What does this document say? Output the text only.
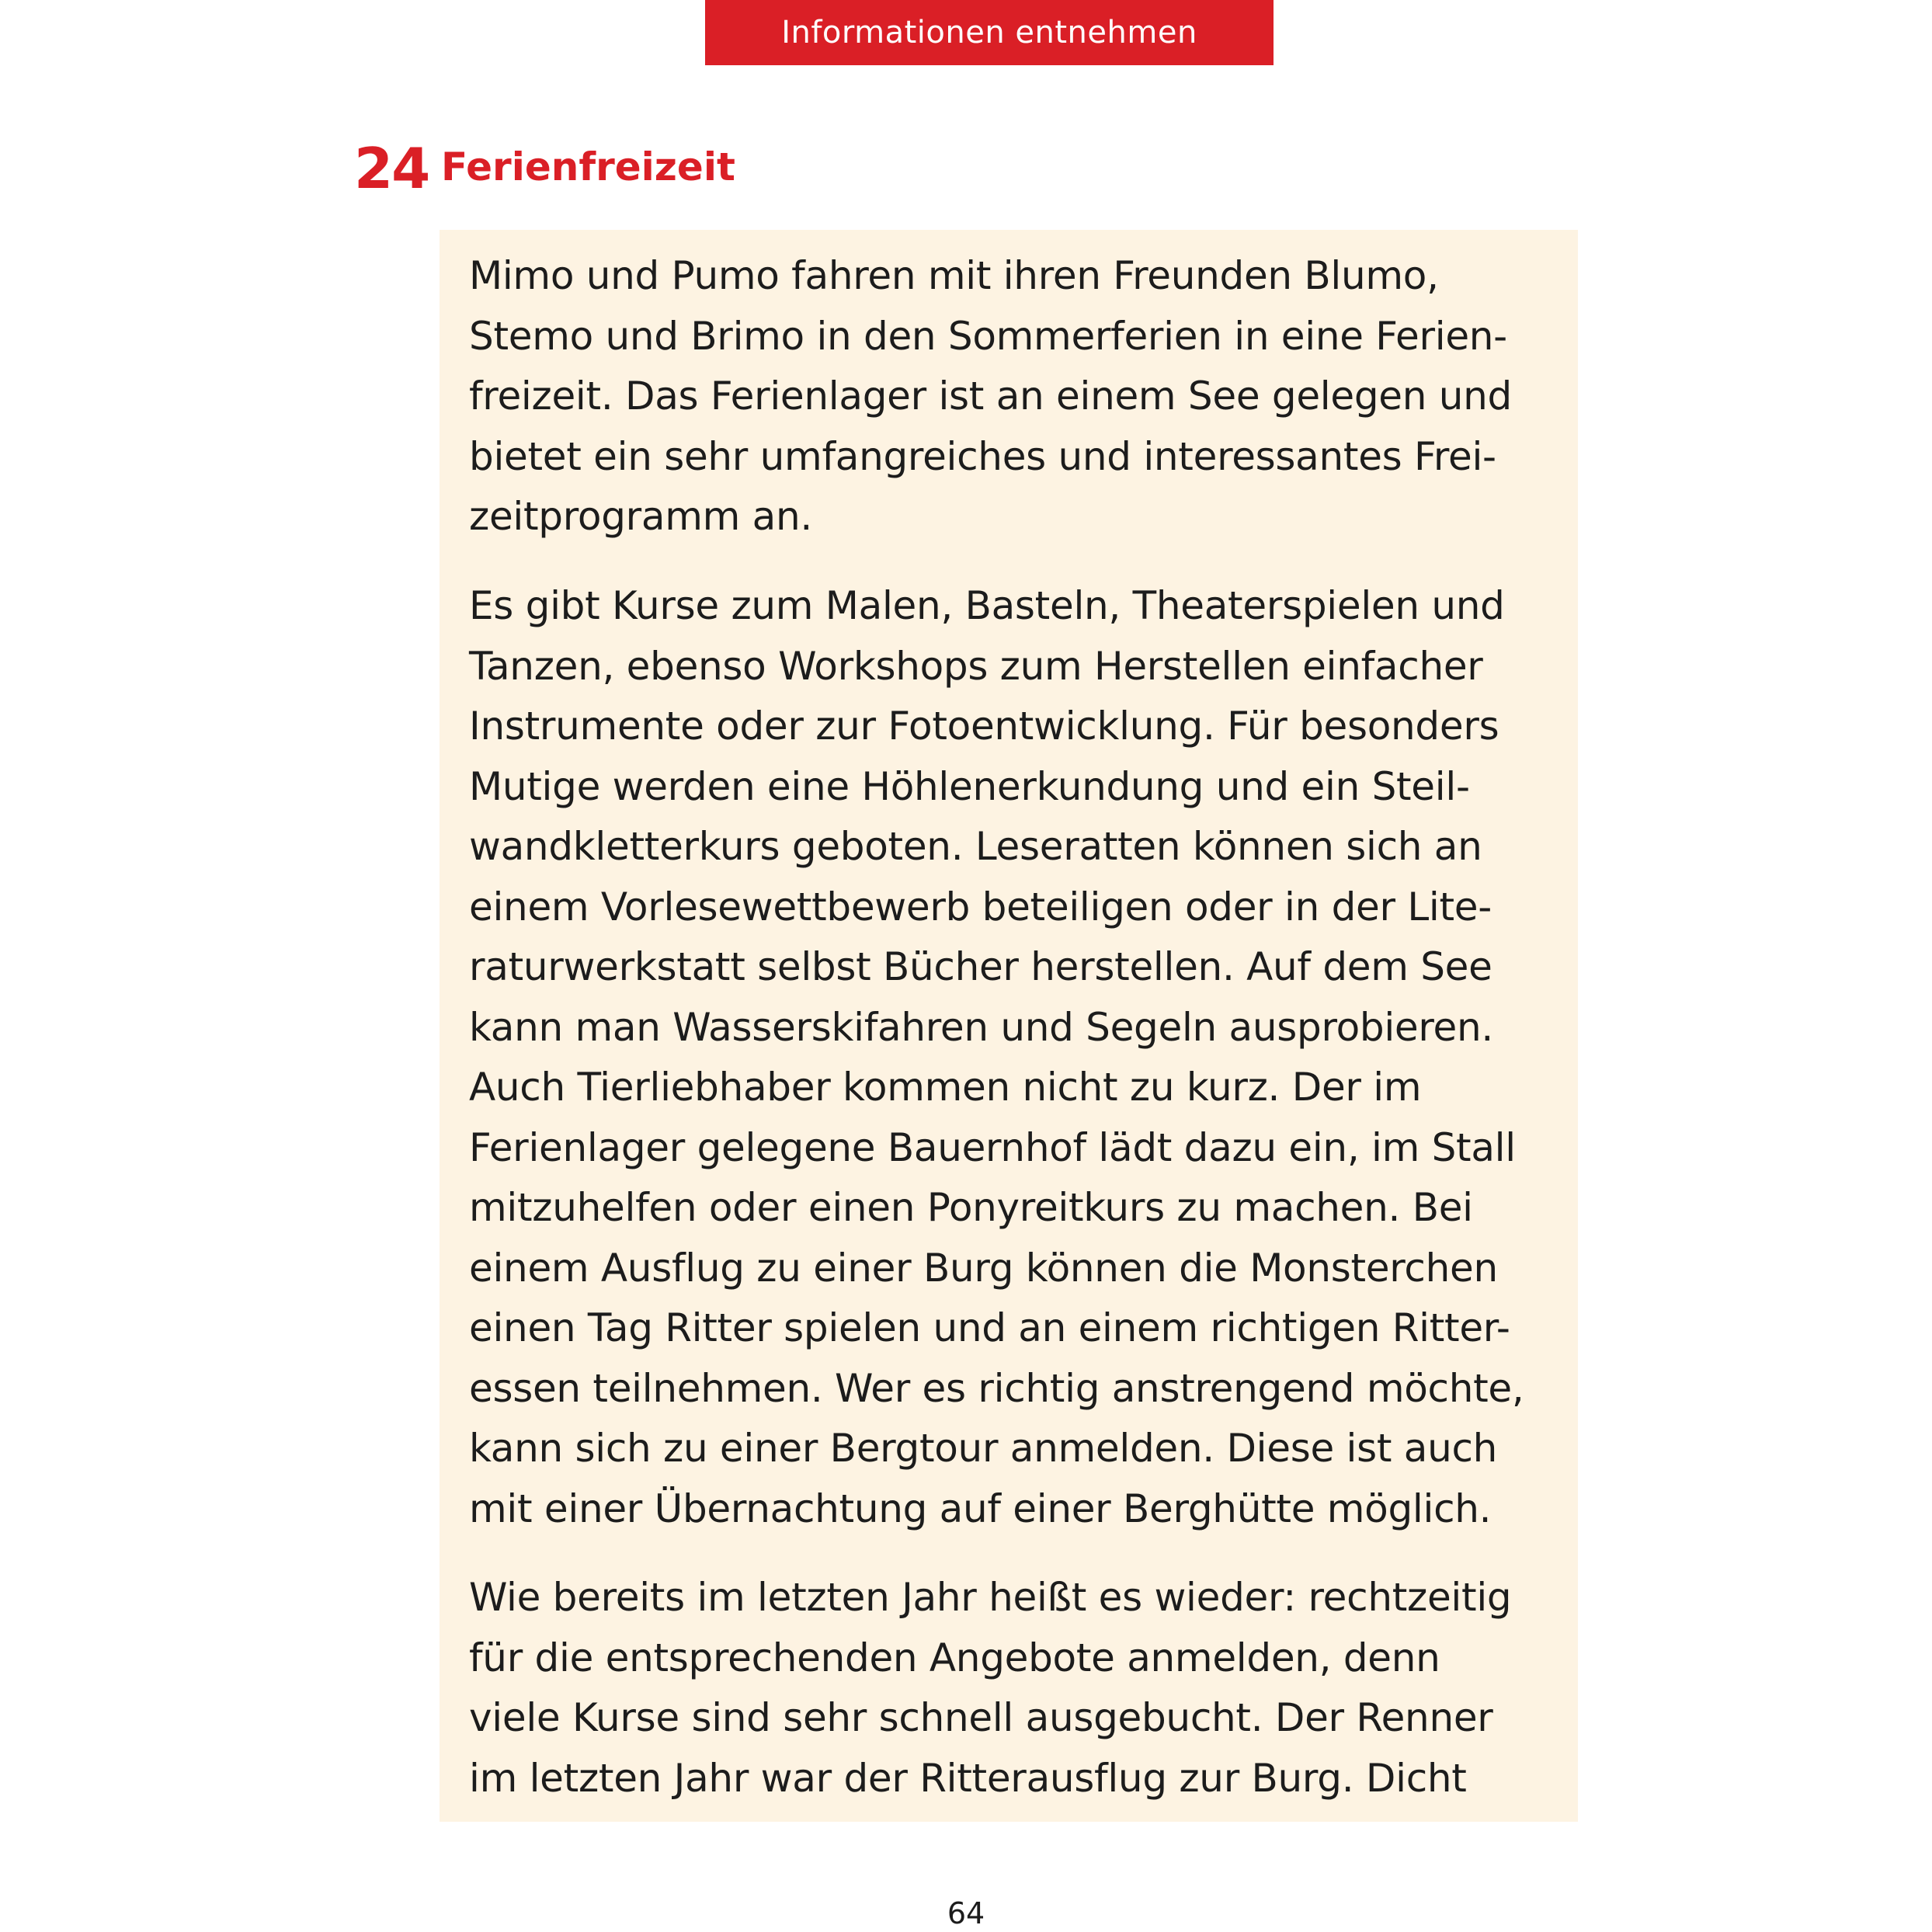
Informationen entnehmen
24 Ferienfreizeit
Mimo und Pumo fahren mit ihren Freunden Blumo,
Stemo und Brimo in den Sommerferien in eine Ferien-
freizeit. Das Ferienlager ist an einem See gelegen und
bietet ein sehr umfangreiches und interessantes Frei-
zeitprogramm an.
Es gibt Kurse zum Malen, Basteln, Theaterspielen und
Tanzen, ebenso Workshops zum Herstellen einfacher
Instrumente oder zur Fotoentwicklung. Für besonders
Mutige werden eine Höhlenerkundung und ein Steil-
wandkletterkurs geboten. Leseratten können sich an
einem Vorlesewettbewerb beteiligen oder in der Lite-
raturwerkstatt selbst Bücher herstellen. Auf dem See
kann man Wasserskifahren und Segeln ausprobieren.
Auch Tierliebhaber kommen nicht zu kurz. Der im
Ferienlager gelegene Bauernhof lädt dazu ein, im Stall
mitzuhelfen oder einen Ponyreitkurs zu machen. Bei
einem Ausflug zu einer Burg können die Monsterchen
einen Tag Ritter spielen und an einem richtigen Ritter-
essen teilnehmen. Wer es richtig anstrengend möchte,
kann sich zu einer Bergtour anmelden. Diese ist auch
mit einer Übernachtung auf einer Berghütte möglich.
Wie bereits im letzten Jahr heißt es wieder: rechtzeitig
für die entsprechenden Angebote anmelden, denn
viele Kurse sind sehr schnell ausgebucht. Der Renner
im letzten Jahr war der Ritterausflug zur Burg. Dicht
64
